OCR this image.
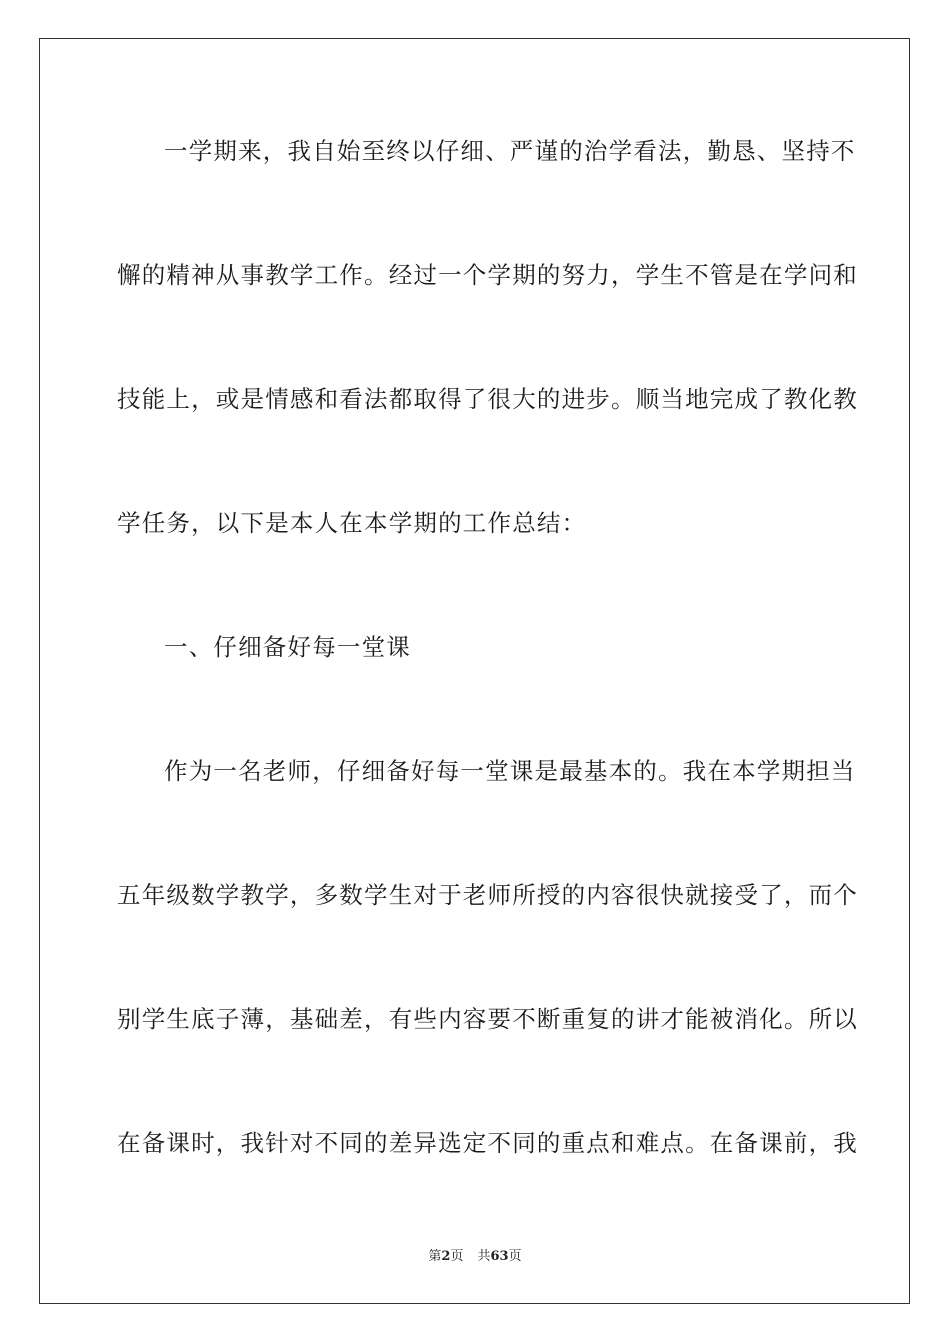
一学期来，我自始至终以仔细、严谨的治学看法，勤恳、坚持不
懈的精神从事教学工作。经过一个学期的努力，学生不管是在学问和
技能上，或是情感和看法都取得了很大的进步。顺当地完成了教化教
学任务，以下是本人在本学期的工作总结：
一、仔细备好每一堂课
作为一名老师，仔细备好每一堂课是最基本的。我在本学期担当
五年级数学教学，多数学生对于老师所授的内容很快就接受了，而个
别学生底子薄，基础差，有些内容要不断重复的讲才能被消化。所以
在备课时，我针对不同的差异选定不同的重点和难点。在备课前，我
第2页 共63页
